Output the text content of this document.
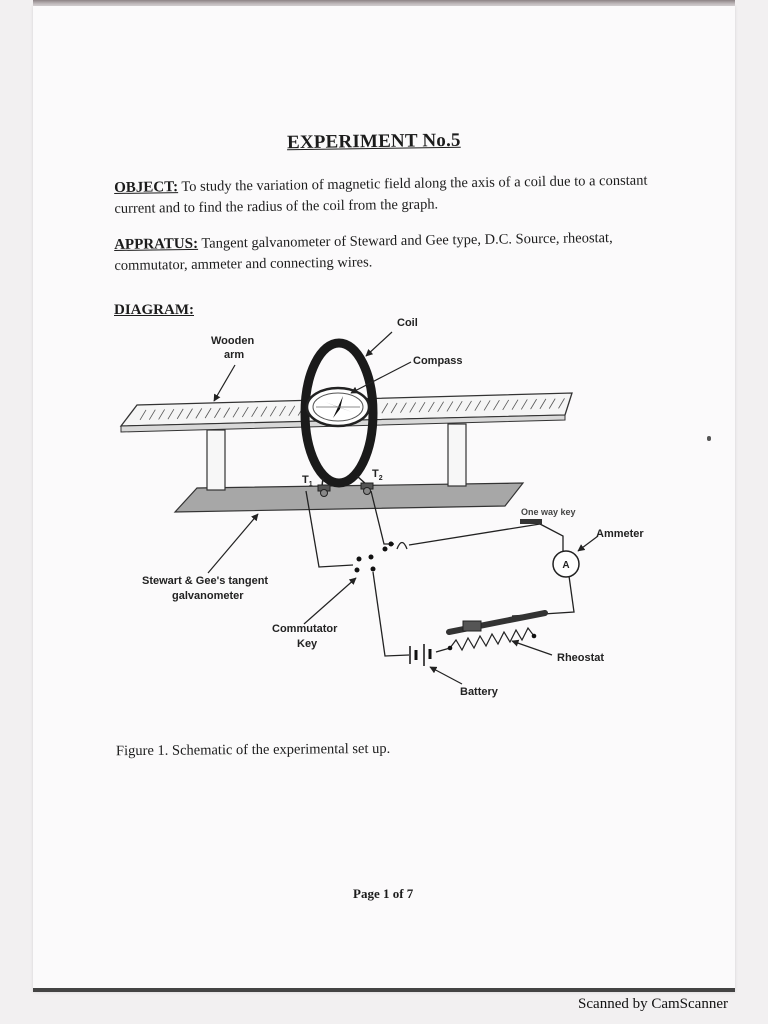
EXPERIMENT No.5

OBJECT: To study the variation of magnetic field along the axis of a coil due to a constant current and to find the radius of the coil from the graph.

APPRATUS: Tangent galvanometer of Steward and Gee type, D.C. Source, rheostat, commutator, ammeter and connecting wires.

DIAGRAM:
$T_1$
$T_2$
One way key
A
Coil
Compass
Wooden
arm
Ammeter
Stewart & Gee's tangent
galvanometer
Commutator
Key
Rheostat
Battery

Figure 1. Schematic of the experimental set up.

Page 1 of 7

Scanned by CamScanner
